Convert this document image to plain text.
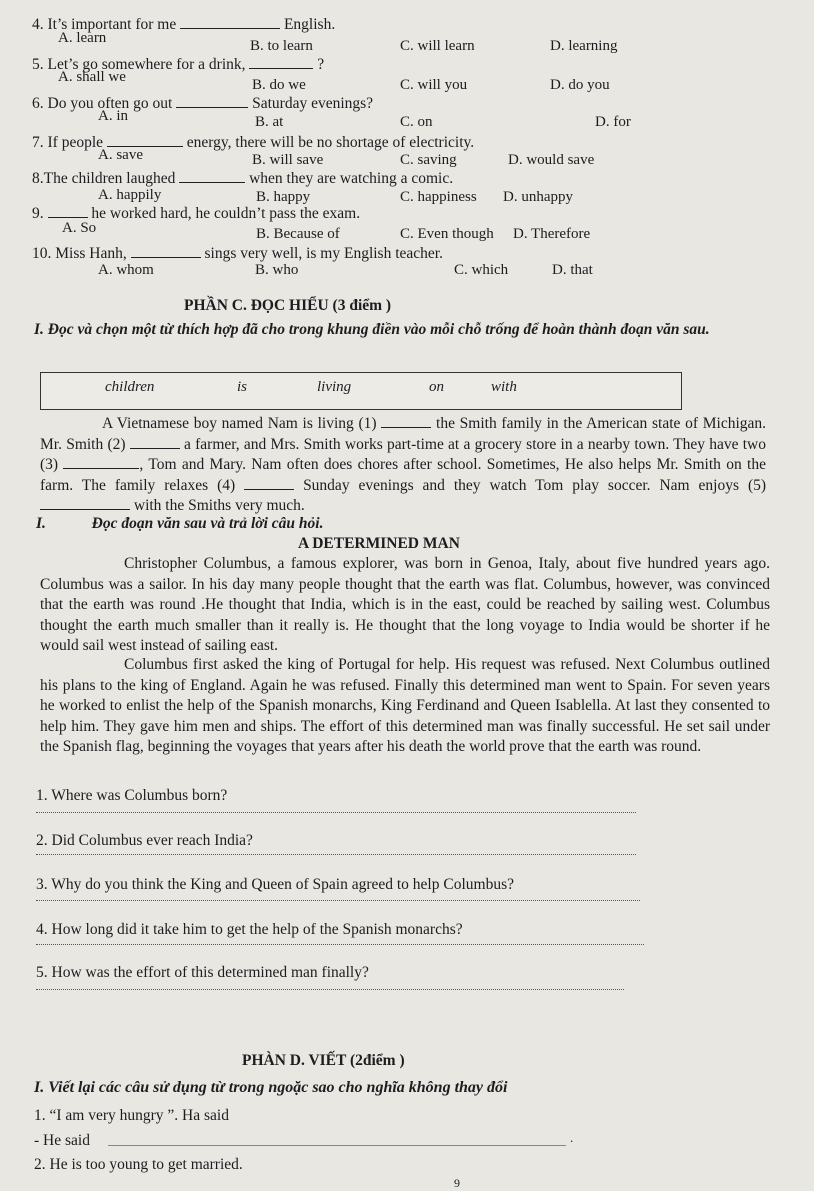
4. It’s important for me	English.
A. learn	B. to learn	C. will learn	D. learning
5. Let’s go somewhere for a drink,	?
A. shall we	B. do we	C. will you	D. do you
6. Do you often go out	Saturday evenings?
A. in	B. at	C. on	D. for
7. If people	energy, there will be no shortage of electricity.
A. save	B. will save	C. saving	D. would save
8.The children laughed	when they are watching a comic.
A. happily	B. happy	C. happiness D. unhappy
9.	he worked hard, he couldn’t pass the exam.
A. So	B. Because of	C. Even though D. Therefore
10. Miss Hanh,	sings very well, is my English teacher.
A. whom	B. who	C. which	D. that
PHẦN C. ĐỌC HIỂU (3 điểm )
I. Đọc và chọn một từ thích hợp đã cho trong khung điền vào mỗi chỗ trống để hoàn thành đoạn văn sau.
children	is	living	on	with
A Vietnamese boy named Nam is living (1)	the Smith family in the American state of Michigan. Mr. Smith (2)	a farmer, and Mrs. Smith works part-time at a grocery store in a nearby town. They have two (3)	, Tom and Mary. Nam often does chores after school. Sometimes, He also helps Mr. Smith on the farm. The family relaxes (4)	Sunday evenings and they watch Tom play soccer. Nam enjoys (5)  with the Smiths very much.
I.	Đọc đoạn văn sau và trả lời câu hỏi.
A DETERMINED MAN
Christopher Columbus, a famous explorer, was born in Genoa, Italy, about five hundred years ago. Columbus was a sailor. In his day many people thought that the earth was flat. Columbus, however, was convinced that the earth was round .He thought that India, which is in the east, could be reached by sailing west. Columbus thought the earth much smaller than it really is. He thought that the long voyage to India would be shorter if he would sail west instead of sailing east.
Columbus first asked the king of Portugal for help. His request was refused. Next Columbus outlined his plans to the king of England. Again he was refused. Finally this determined man went to Spain. For seven years he worked to enlist the help of the Spanish monarchs, King Ferdinand and Queen Isablella. At last they consented to help him. They gave him men and ships. The effort of this determined man was finally successful. He set sail under the Spanish flag, beginning the voyages that years after his death the world prove that the earth was round.
1. Where was Columbus born?
2. Did Columbus ever reach India?
3. Why do you think the King and Queen of Spain agreed to help Columbus?
4. How long did it take him to get the help of the Spanish monarchs?
5. How was the effort of this determined man finally?
PHÀN D. VIẾT (2điểm )
I. Viết lại các câu sử dụng từ trong ngoặc sao cho nghĩa không thay đổi
1. “I am very hungry ”. Ha said
- He said	.
2. He is too young to get married.
9
